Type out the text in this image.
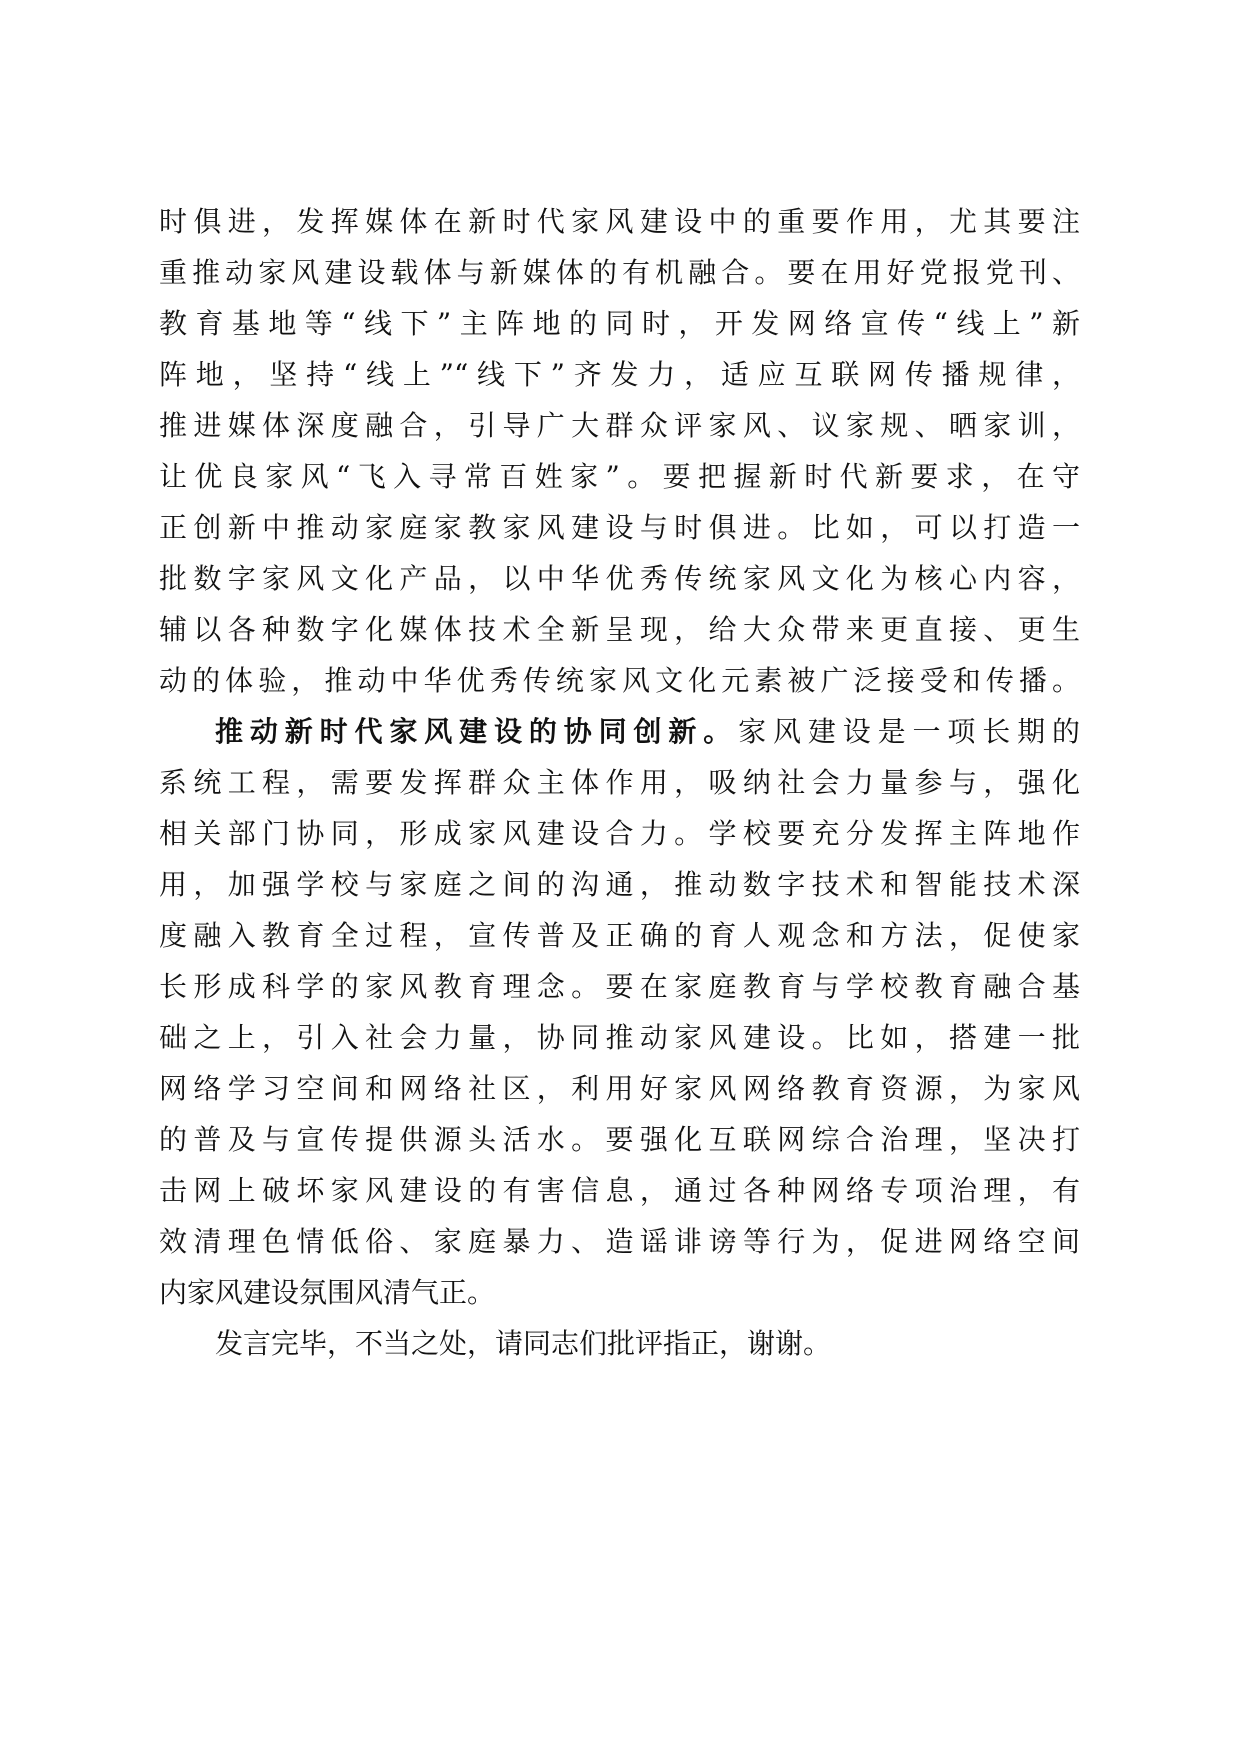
时俱进，发挥媒体在新时代家风建设中的重要作用，尤其要注
重推动家风建设载体与新媒体的有机融合。要在用好党报党刊、
教育基地等“线下”主阵地的同时，开发网络宣传“线上”新
阵地，坚持“线上”“线下”齐发力，适应互联网传播规律，
推进媒体深度融合，引导广大群众评家风、议家规、晒家训，
让优良家风“飞入寻常百姓家”。要把握新时代新要求，在守
正创新中推动家庭家教家风建设与时俱进。比如，可以打造一
批数字家风文化产品，以中华优秀传统家风文化为核心内容，
辅以各种数字化媒体技术全新呈现，给大众带来更直接、更生
动的体验，推动中华优秀传统家风文化元素被广泛接受和传播。
推动新时代家风建设的协同创新。家风建设是一项长期的
系统工程，需要发挥群众主体作用，吸纳社会力量参与，强化
相关部门协同，形成家风建设合力。学校要充分发挥主阵地作
用，加强学校与家庭之间的沟通，推动数字技术和智能技术深
度融入教育全过程，宣传普及正确的育人观念和方法，促使家
长形成科学的家风教育理念。要在家庭教育与学校教育融合基
础之上，引入社会力量，协同推动家风建设。比如，搭建一批
网络学习空间和网络社区，利用好家风网络教育资源，为家风
的普及与宣传提供源头活水。要强化互联网综合治理，坚决打
击网上破坏家风建设的有害信息，通过各种网络专项治理，有
效清理色情低俗、家庭暴力、造谣诽谤等行为，促进网络空间
内家风建设氛围风清气正。
发言完毕，不当之处，请同志们批评指正，谢谢。
